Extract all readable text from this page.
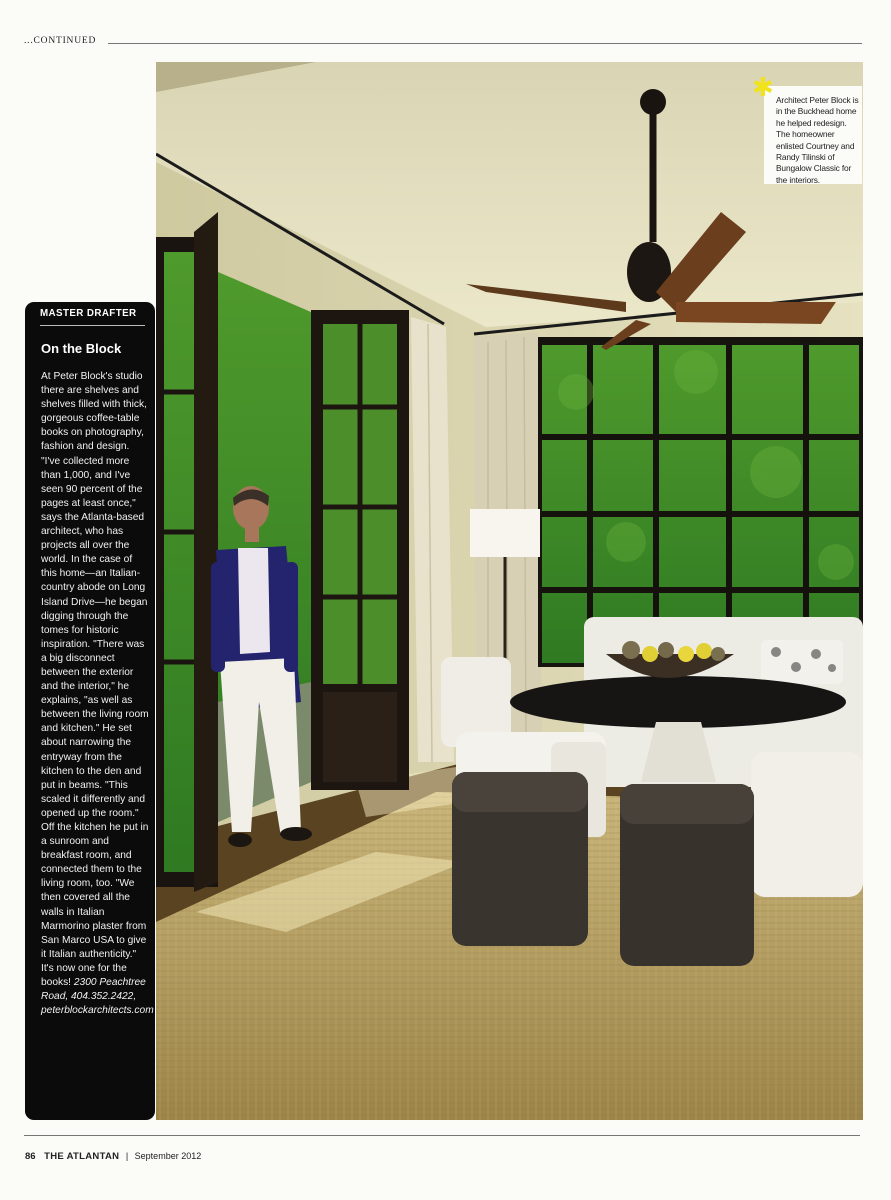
...CONTINUED
✱ Architect Peter Block is in the Buckhead home he helped redesign. The homeowner enlisted Courtney and Randy Tilinski of Bungalow Classic for the interiors.
MASTER DRAFTER
On the Block
At Peter Block's studio there are shelves and shelves filled with thick, gorgeous coffee-table books on photography, fashion and design. "I've collected more than 1,000, and I've seen 90 percent of the pages at least once," says the Atlanta-based architect, who has projects all over the world. In the case of this home—an Italian-country abode on Long Island Drive—he began digging through the tomes for historic inspiration. "There was a big disconnect between the exterior and the interior," he explains, "as well as between the living room and kitchen." He set about narrowing the entryway from the kitchen to the den and put in beams. "This scaled it differently and opened up the room." Off the kitchen he put in a sunroom and breakfast room, and connected them to the living room, too. "We then covered all the walls in Italian Marmorino plaster from San Marco USA to give it Italian authenticity." It's now one for the books! 2300 Peachtree Road, 404.352.2422, peterblockarchitects.com
86 THE ATLANTAN | September 2012
